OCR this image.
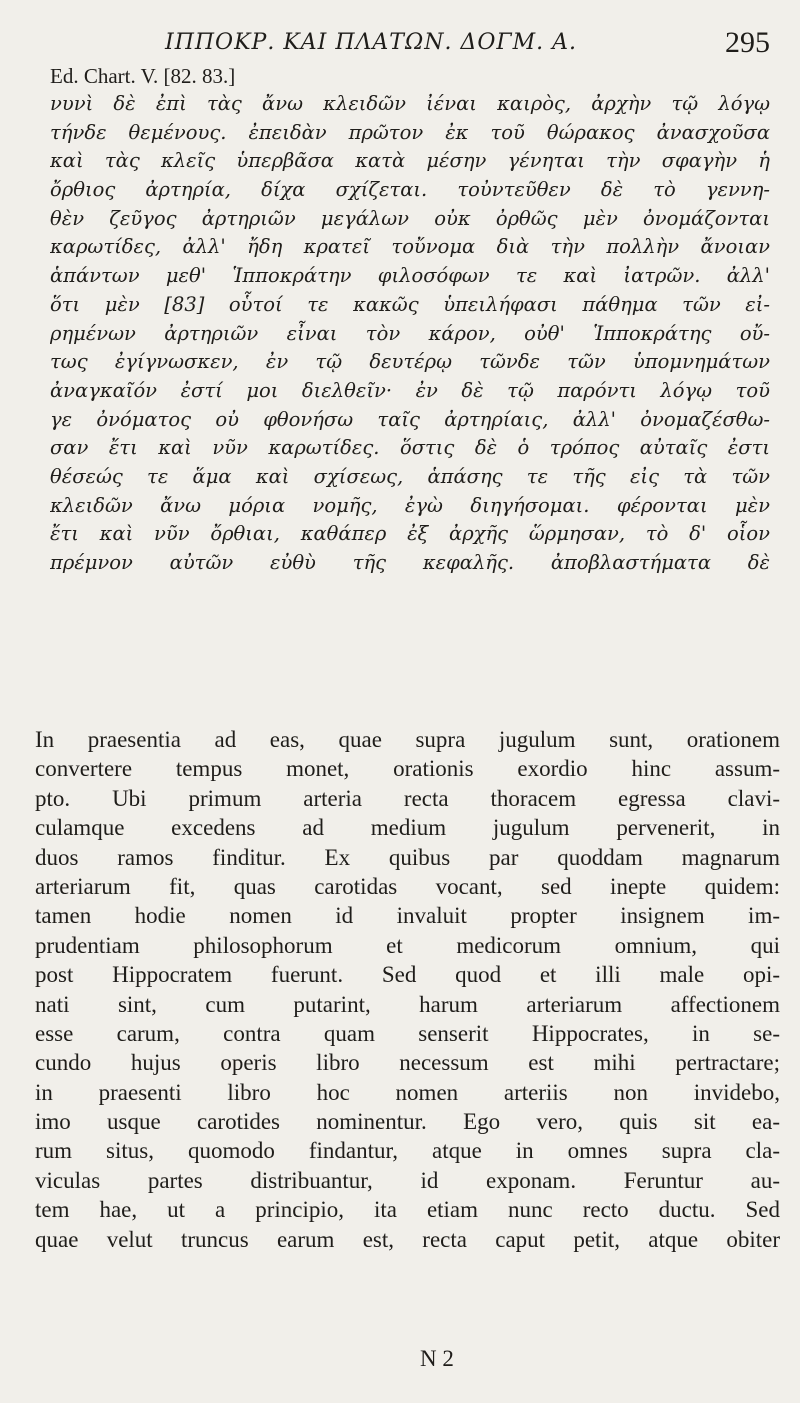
ΙΠΠΟΚΡ. ΚΑΙ ΠΛΑΤΩΝ. ΔΟΓΜ. Α.	295
Ed. Chart. V. [82. 83.]
νυνὶ δὲ ἐπὶ τὰς ἄνω κλειδῶν ἰέναι καιρὸς, ἀρχὴν τῷ λόγῳ
τήνδε θεμένους. ἐπειδὰν πρῶτον ἐκ τοῦ θώρακος ἀνασχοῦσα
καὶ τὰς κλεῖς ὑπερβᾶσα κατὰ μέσην γένηται τὴν σφαγὴν ἡ
ὄρθιος ἀρτηρία, δίχα σχίζεται. τοὐντεῦθεν δὲ τὸ γεννη-
θὲν ζεῦγος ἀρτηριῶν μεγάλων οὐκ ὀρθῶς μὲν ὀνομάζονται
καρωτίδες, ἀλλ' ἤδη κρατεῖ τοὔνομα διὰ τὴν πολλὴν ἄνοιαν
ἁπάντων μεθ' Ἱπποκράτην φιλοσόφων τε καὶ ἰατρῶν. ἀλλ'
ὅτι μὲν [83] οὗτοί τε κακῶς ὑπειλήφασι πάθημα τῶν εἰ-
ρημένων ἀρτηριῶν εἶναι τὸν κάρον, οὐθ' Ἱπποκράτης οὔ-
τως ἐγίγνωσκεν, ἐν τῷ δευτέρῳ τῶνδε τῶν ὑπομνημάτων
ἀναγκαῖόν ἐστί μοι διελθεῖν· ἐν δὲ τῷ παρόντι λόγῳ τοῦ
γε ὀνόματος οὐ φθονήσω ταῖς ἀρτηρίαις, ἀλλ' ὀνομαζέσθω-
σαν ἔτι καὶ νῦν καρωτίδες. ὅστις δὲ ὁ τρόπος αὐταῖς ἐστι
θέσεώς τε ἅμα καὶ σχίσεως, ἁπάσης τε τῆς εἰς τὰ τῶν
κλειδῶν ἄνω μόρια νομῆς, ἐγὼ διηγήσομαι. φέρονται μὲν
ἔτι καὶ νῦν ὄρθιαι, καθάπερ ἐξ ἀρχῆς ὥρμησαν, τὸ δ' οἷον
πρέμνον αὐτῶν εὐθὺ τῆς κεφαλῆς. ἀποβλαστήματα δὲ
In praesentia ad eas, quae supra jugulum sunt, orationem
convertere tempus monet, orationis exordio hinc assum-
pto. Ubi primum arteria recta thoracem egressa clavi-
culamque excedens ad medium jugulum pervenerit, in
duos ramos finditur. Ex quibus par quoddam magnarum
arteriarum fit, quas carotidas vocant, sed inepte quidem:
tamen hodie nomen id invaluit propter insignem im-
prudentiam philosophorum et medicorum omnium, qui
post Hippocratem fuerunt. Sed quod et illi male opi-
nati sint, cum putarint, harum arteriarum affectionem
esse carum, contra quam senserit Hippocrates, in se-
cundo hujus operis libro necessum est mihi pertractare;
in praesenti libro hoc nomen arteriis non invidebo,
imo usque carotides nominentur. Ego vero, quis sit ea-
rum situs, quomodo findantur, atque in omnes supra cla-
viculas partes distribuantur, id exponam. Feruntur au-
tem hae, ut a principio, ita etiam nunc recto ductu. Sed
quae velut truncus earum est, recta caput petit, atque obiter
N 2
